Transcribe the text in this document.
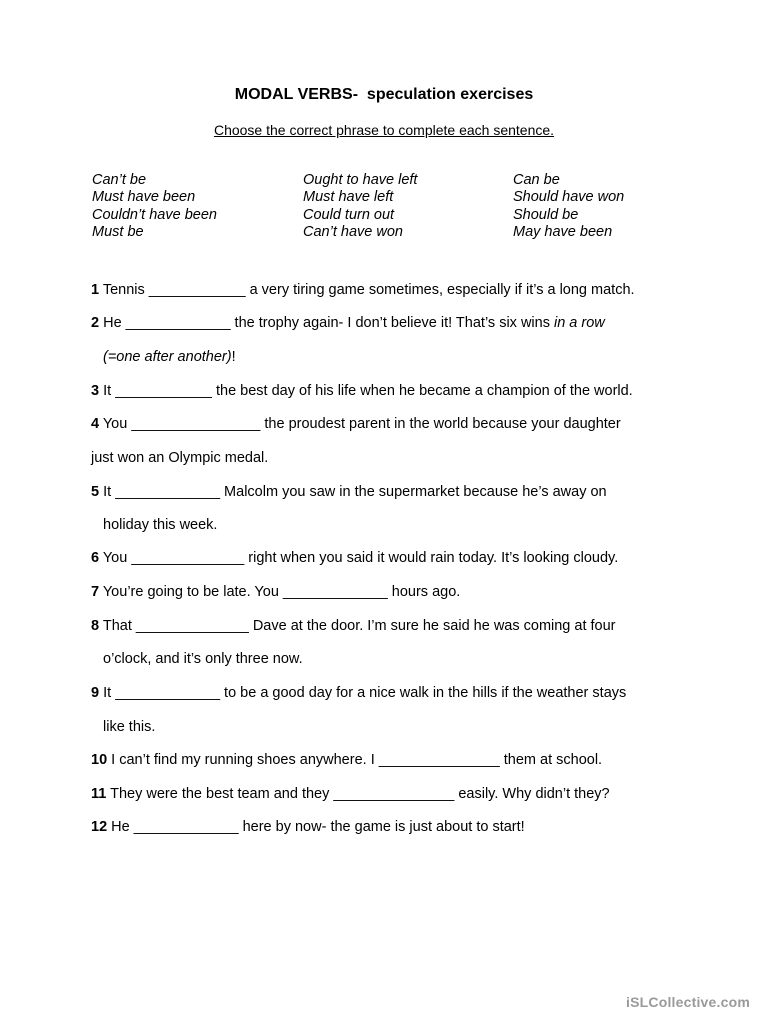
MODAL VERBS-  speculation exercises
Choose the correct phrase to complete each sentence.
Can’t be
Must have been
Couldn’t have been
Must be
Ought to have left
Must have left
Could turn out
Can’t have won
Can be
Should have won
Should be
May have been
1 Tennis ____________ a very tiring game sometimes, especially if it’s a long match.
2 He _____________ the trophy again- I don’t believe it! That’s six wins in a row
(=one after another)!
3 It ____________ the best day of his life when he became a champion of the world.
4 You ________________ the proudest parent in the world because your daughter
just won an Olympic medal.
5 It _____________ Malcolm you saw in the supermarket because he’s away on
holiday this week.
6 You ______________ right when you said it would rain today. It’s looking cloudy.
7 You’re going to be late. You _____________ hours ago.
8 That ______________ Dave at the door. I’m sure he said he was coming at four
o’clock, and it’s only three now.
9 It _____________ to be a good day for a nice walk in the hills if the weather stays
like this.
10 I can’t find my running shoes anywhere. I _______________ them at school.
11 They were the best team and they _______________ easily. Why didn’t they?
12 He _____________ here by now- the game is just about to start!
iSLCollective.com
